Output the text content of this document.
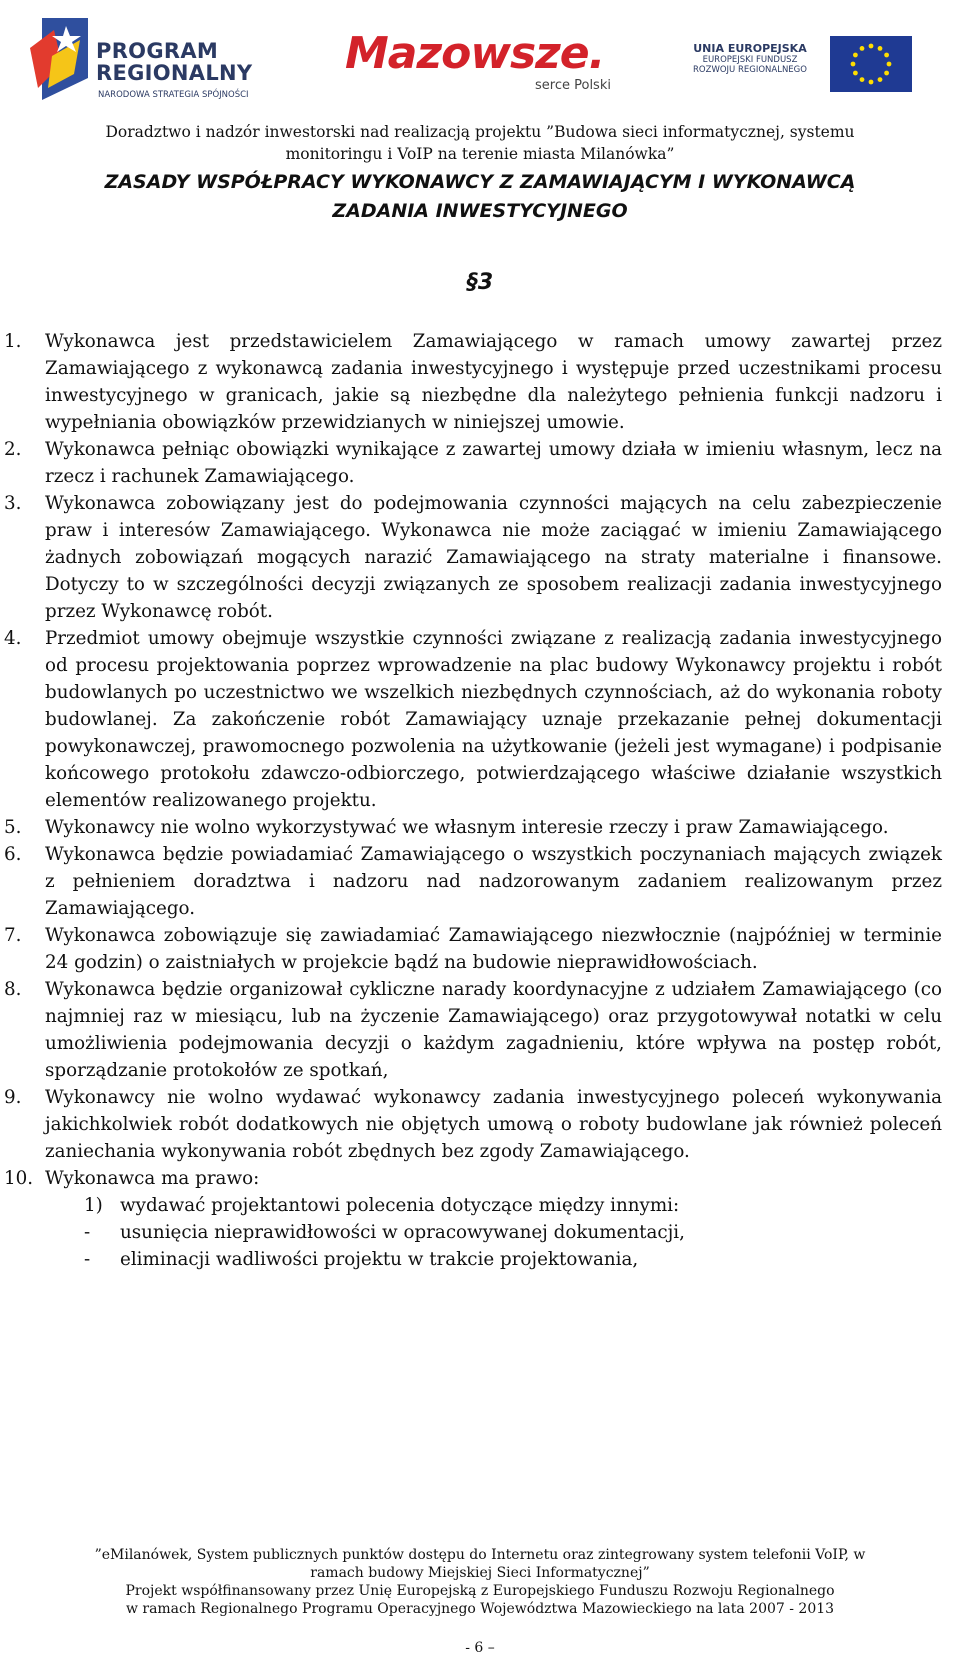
PROGRAM
REGIONALNY
NARODOWA STRATEGIA SPÓJNOŚCI
Mazowsze.
serce Polski
UNIA EUROPEJSKA
EUROPEJSKI FUNDUSZ
ROZWOJU REGIONALNEGO
Doradztwo i nadzór inwestorski nad realizacją projektu ”Budowa sieci informatycznej, systemu
monitoringu i VoIP na terenie miasta Milanówka”
ZASADY WSPÓŁPRACY WYKONAWCY Z ZAMAWIAJĄCYM I WYKONAWCĄ
ZADANIA INWESTYCYJNEGO
§3
1. Wykonawca jest przedstawicielem Zamawiającego w ramach umowy zawartej przez Zamawiającego z wykonawcą zadania inwestycyjnego i występuje przed uczestnikami procesu inwestycyjnego w granicach, jakie są niezbędne dla należytego pełnienia funkcji nadzoru i wypełniania obowiązków przewidzianych w niniejszej umowie.
2. Wykonawca pełniąc obowiązki wynikające z zawartej umowy działa w imieniu własnym, lecz na rzecz i rachunek Zamawiającego.
3. Wykonawca zobowiązany jest do podejmowania czynności mających na celu zabezpieczenie praw i interesów Zamawiającego. Wykonawca nie może zaciągać w imieniu Zamawiającego żadnych zobowiązań mogących narazić Zamawiającego na straty materialne i finansowe. Dotyczy to w szczególności decyzji związanych ze sposobem realizacji zadania inwestycyjnego przez Wykonawcę robót.
4. Przedmiot umowy obejmuje wszystkie czynności związane z realizacją zadania inwestycyjnego od procesu projektowania poprzez wprowadzenie na plac budowy Wykonawcy projektu i robót budowlanych po uczestnictwo we wszelkich niezbędnych czynnościach, aż do wykonania roboty budowlanej. Za zakończenie robót Zamawiający uznaje przekazanie pełnej dokumentacji powykonawczej, prawomocnego pozwolenia na użytkowanie (jeżeli jest wymagane) i podpisanie końcowego protokołu zdawczo-odbiorczego, potwierdzającego właściwe działanie wszystkich elementów realizowanego projektu.
5. Wykonawcy nie wolno wykorzystywać we własnym interesie rzeczy i praw Zamawiającego.
6. Wykonawca będzie powiadamiać Zamawiającego o wszystkich poczynaniach mających związek z pełnieniem doradztwa i nadzoru nad nadzorowanym zadaniem realizowanym przez Zamawiającego.
7. Wykonawca zobowiązuje się zawiadamiać Zamawiającego niezwłocznie (najpóźniej w terminie 24 godzin) o zaistniałych w projekcie bądź na budowie nieprawidłowościach.
8. Wykonawca będzie organizował cykliczne narady koordynacyjne z udziałem Zamawiającego (co najmniej raz w miesiącu, lub na życzenie Zamawiającego) oraz przygotowywał notatki w celu umożliwienia podejmowania decyzji o każdym zagadnieniu, które wpływa na postęp robót, sporządzanie protokołów ze spotkań,
9. Wykonawcy nie wolno wydawać wykonawcy zadania inwestycyjnego poleceń wykonywania jakichkolwiek robót dodatkowych nie objętych umową o roboty budowlane jak również poleceń zaniechania wykonywania robót zbędnych bez zgody Zamawiającego.
10. Wykonawca ma prawo:
1) wydawać projektantowi polecenia dotyczące między innymi:
- usunięcia nieprawidłowości w opracowywanej dokumentacji,
- eliminacji wadliwości projektu w trakcie projektowania,
”eMilanówek, System publicznych punktów dostępu do Internetu oraz zintegrowany system telefonii VoIP, w
ramach budowy Miejskiej Sieci Informatycznej”
Projekt współfinansowany przez Unię Europejską z Europejskiego Funduszu Rozwoju Regionalnego
w ramach Regionalnego Programu Operacyjnego Województwa Mazowieckiego na lata 2007 - 2013
- 6 –
